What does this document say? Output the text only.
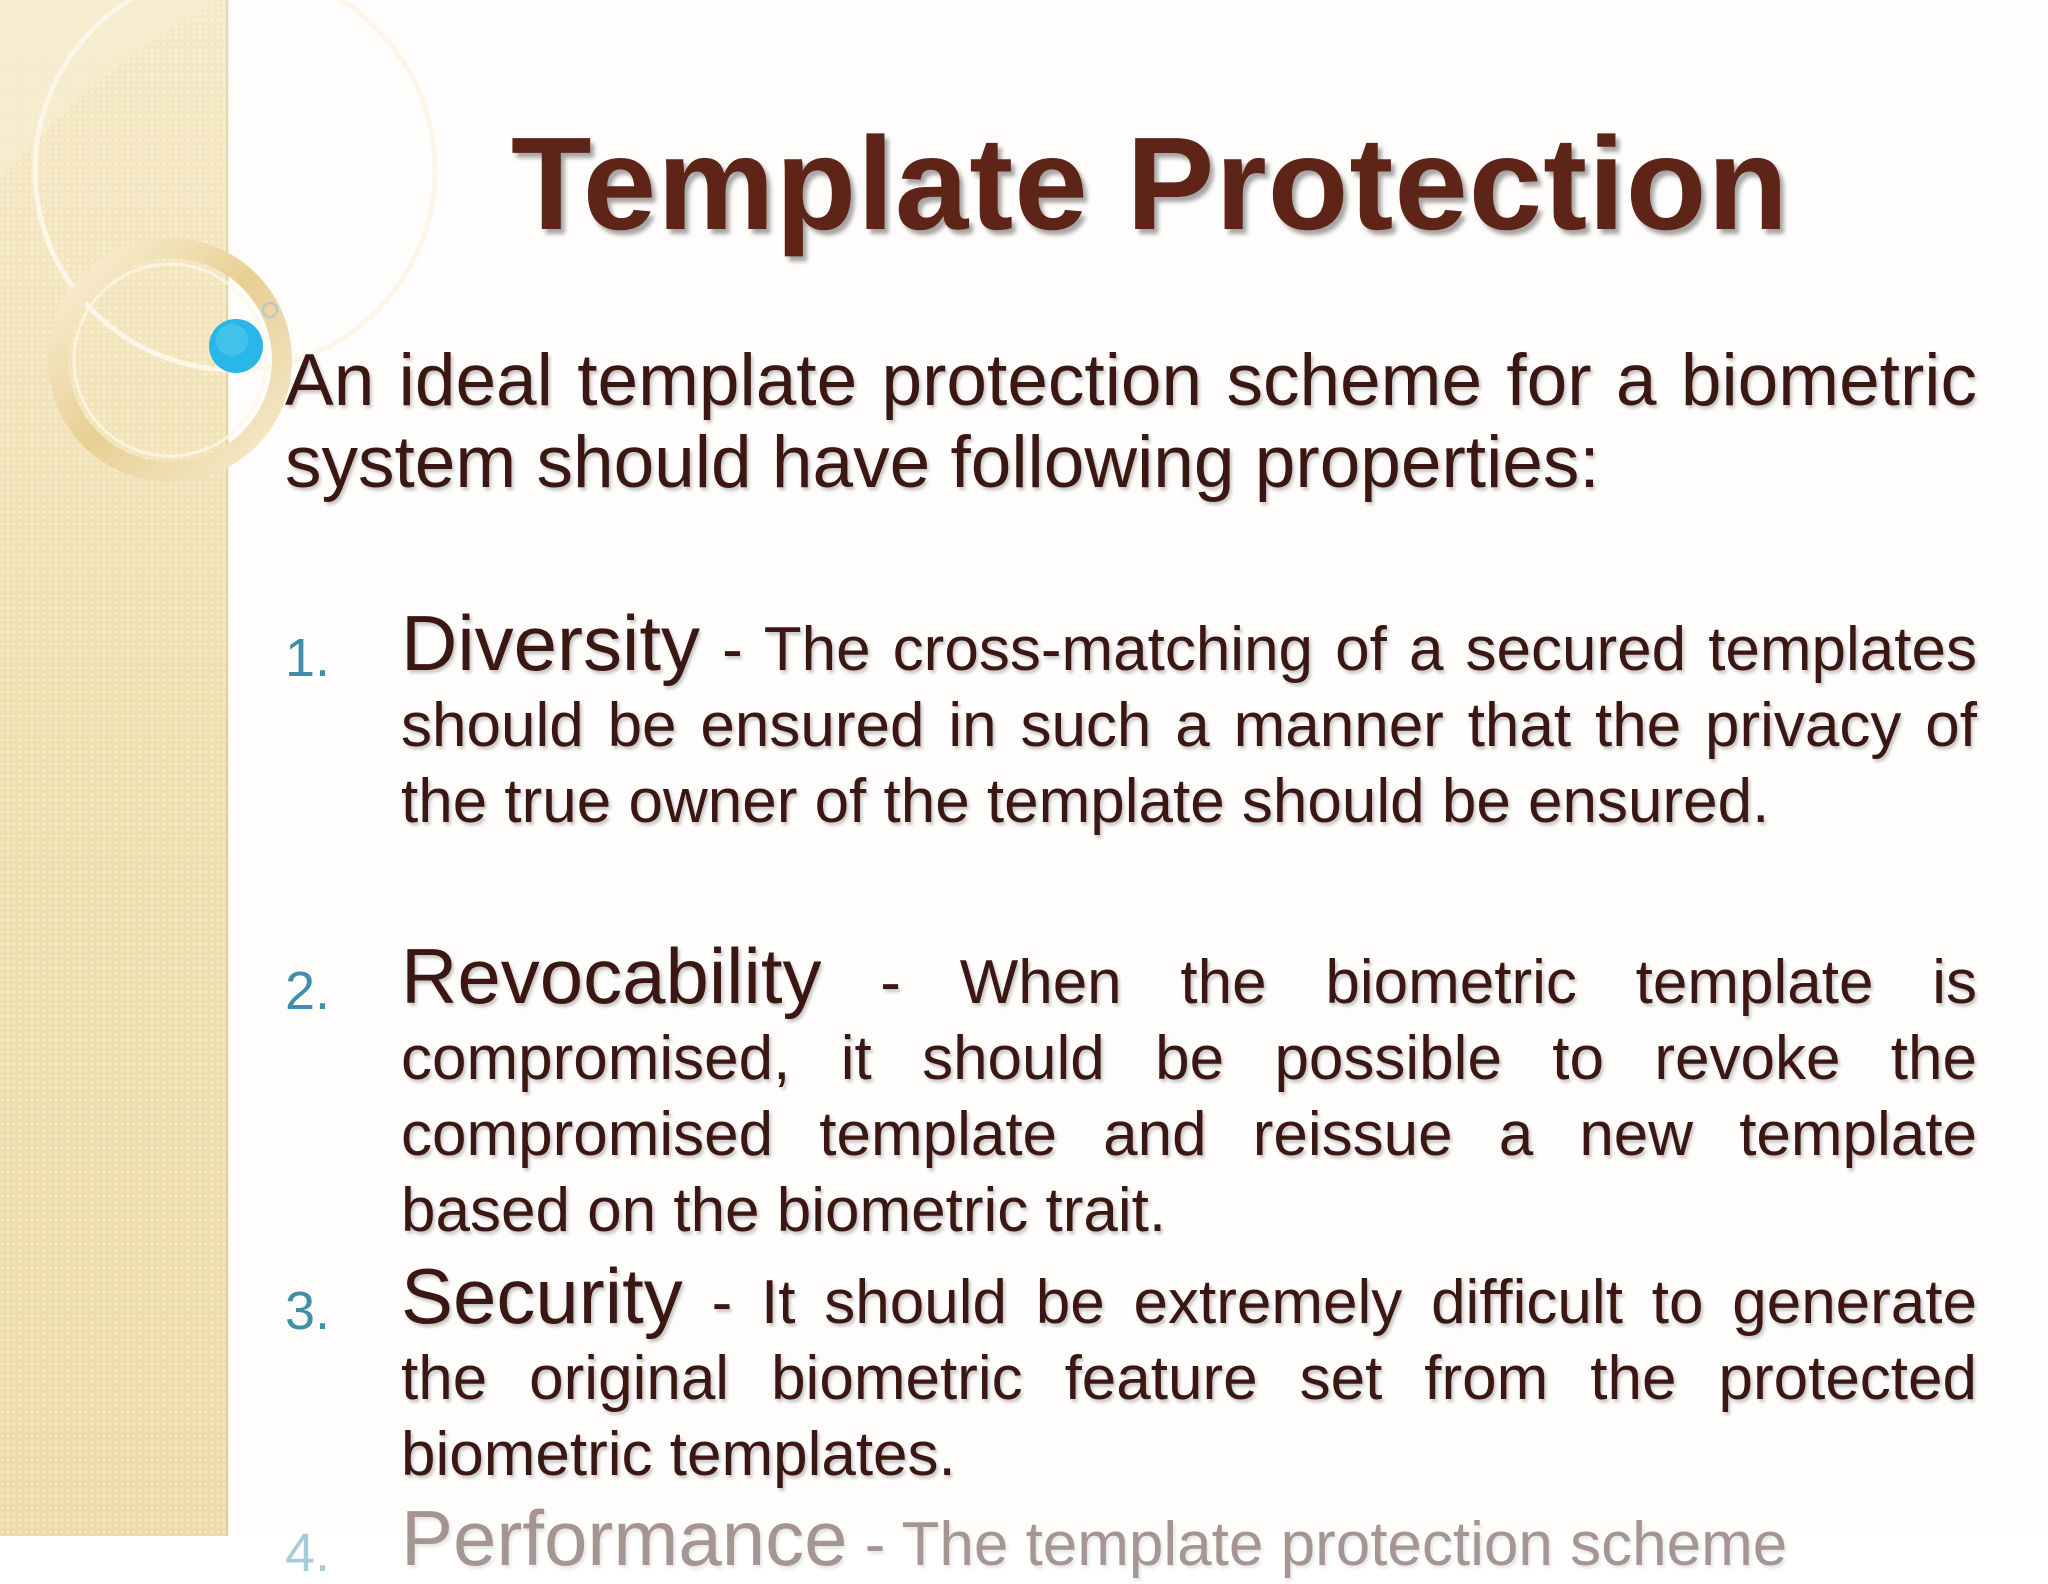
Template Protection
An ideal template protection scheme for a biometric system should have following properties:
1. Diversity - The cross-matching of a secured templates should be ensured in such a manner that the privacy of the true owner of the template should be ensured.
2. Revocability - When the biometric template is compromised, it should be possible to revoke the compromised template and reissue a new template based on the biometric trait.
3. Security - It should be extremely difficult to generate the original biometric feature set from the protected biometric templates.
4. Performance - The template protection scheme
